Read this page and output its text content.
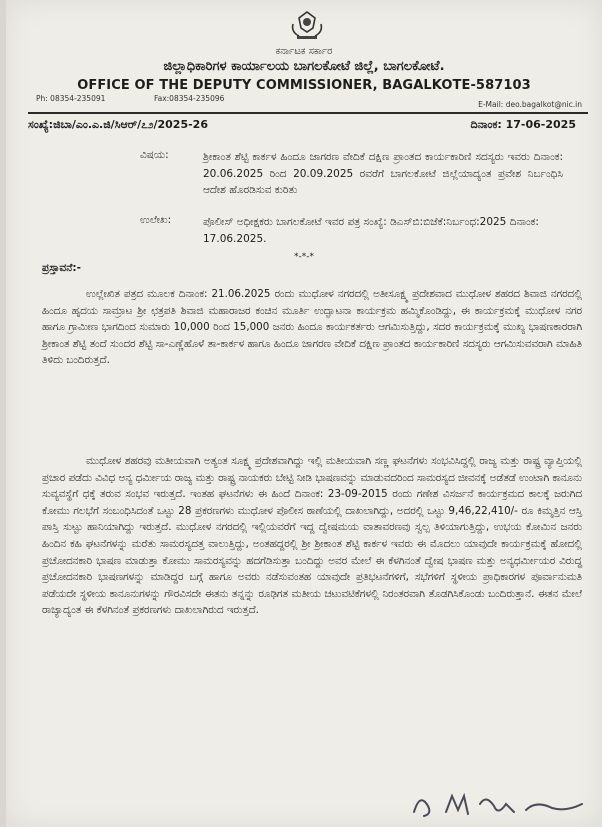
ಕರ್ನಾಟಕ ಸರ್ಕಾರ
ಜಿಲ್ಲಾಧಿಕಾರಿಗಳ ಕಾರ್ಯಾಲಯ ಬಾಗಲಕೋಟೆ ಜಿಲ್ಲೆ, ಬಾಗಲಕೋಟೆ.
OFFICE OF THE DEPUTY COMMISSIONER, BAGALKOTE-587103
Ph: 08354-235091	Fax:08354-235096
E-Mail: deo.bagalkot@nic.in
ಸಂಖ್ಯೆ:ಜಿಬಾ/ಎಂ.ಎ.ಜಿ/ಸಿಆರ್/೭೨/2025-26	ದಿನಾಂಕ: 17-06-2025
ವಿಷಯ:	ಶ್ರೀಕಾಂತ ಶೆಟ್ಟಿ ಕಾರ್ಕಳ ಹಿಂದೂ ಜಾಗರಣ ವೇದಿಕೆ ದಕ್ಷಿಣ ಪ್ರಾಂತದ ಕಾರ್ಯಕಾರಿಣಿ ಸದಸ್ಯರು ಇವರು ದಿನಾಂಕ: 20.06.2025 ರಿಂದ 20.09.2025 ರವರೆಗೆ ಬಾಗಲಕೋಟೆ ಜಿಲ್ಲೆಯಾದ್ಯಂತ ಪ್ರವೇಶ ನಿರ್ಬಂಧಿಸಿ ಆದೇಶ ಹೊರಡಿಸುವ ಕುರಿತು
ಉಲೇಖ:	ಪೊಲೀಸ್ ಅಧೀಕ್ಷಕರು ಬಾಗಲಕೋಟೆ ಇವರ ಪತ್ರ ಸಂಖ್ಯೆ: ಡಿಎಸ್‌ಬಿ:ಬಿಜೆಕೆ:ನಿರ್ಬಂಧ:2025 ದಿನಾಂಕ: 17.06.2025.
*-*-*
ಪ್ರಸ್ತಾವನೆ:-
ಉಲ್ಲೇಖಿತ ಪತ್ರದ ಮೂಲಕ ದಿನಾಂಕ: 21.06.2025 ರಂದು ಮುಧೋಳ ನಗರದಲ್ಲಿ ಅತೀಸೂಕ್ಷ್ಮ ಪ್ರದೇಶವಾದ ಮುಧೋಳ ಶಹರದ ಶಿವಾಜಿ ನಗರದಲ್ಲಿ ಹಿಂದೂ ಹೃದಯ ಸಾಮ್ರಾಟ ಶ್ರೀ ಛತ್ರಪತಿ ಶಿವಾಜಿ ಮಹಾರಾಜರ ಕಂಚಿನ ಮೂರ್ತಿ ಉದ್ಘಾಟನಾ ಕಾರ್ಯಕ್ರಮ ಹಮ್ಮಿಕೊಂಡಿದ್ದು, ಈ ಕಾರ್ಯಕ್ರಮಕ್ಕೆ ಮುಧೋಳ ನಗರ ಹಾಗೂ ಗ್ರಾಮೀಣ ಭಾಗದಿಂದ ಸುಮಾರು 10,000 ರಿಂದ 15,000 ಜನರು ಹಿಂದೂ ಕಾರ್ಯಕರ್ತರು ಆಗಮಿಸುತ್ತಿದ್ದು, ಸದರ ಕಾರ್ಯಕ್ರಮಕ್ಕೆ ಮುಖ್ಯ ಭಾಷಣಕಾರರಾಗಿ ಶ್ರೀಕಾಂತ ಶೆಟ್ಟಿ ತಂದೆ ಸುಂದರ ಶೆಟ್ಟಿ ಸಾ-ಎಣ್ಣೆಹೊಳೆ ತಾ-ಕಾರ್ಕಳ ಹಾಗೂ ಹಿಂದೂ ಜಾಗರಣ ವೇದಿಕೆ ದಕ್ಷಿಣ ಪ್ರಾಂತದ ಕಾರ್ಯಕಾರಿಣಿ ಸದಸ್ಯರು ಆಗಮಿಸುವವರಾಗಿ ಮಾಹಿತಿ ತಿಳಿದು ಬಂದಿರುತ್ತದೆ.
ಮುಧೋಳ ಶಹರವು ಮತೀಯವಾಗಿ ಅತ್ಯಂತ ಸೂಕ್ಷ್ಮ ಪ್ರದೇಶವಾಗಿದ್ದು ಇಲ್ಲಿ ಮತೀಯವಾಗಿ ಸಣ್ಣ ಘಟನೆಗಳು ಸಂಭವಿಸಿದ್ದಲ್ಲಿ ರಾಜ್ಯ ಮತ್ತು ರಾಷ್ಟ್ರ ವ್ಯಾಪ್ತಿಯಲ್ಲಿ ಪ್ರಚಾರ ಪಡೆದು ವಿವಿಧ ಅನ್ಯ ಧರ್ಮೀಯ ರಾಜ್ಯ ಮತ್ತು ರಾಷ್ಟ್ರ ನಾಯಕರು ಬೇಟ್ಟಿ ನೀಡಿ ಭಾಷಣವನ್ನು ಮಾಡುವದರಿಂದ ಸಾಮರಸ್ಯದ ಜೀವನಕ್ಕೆ ಅಡೆತಡೆ ಉಂಟಾಗಿ ಕಾನೂನು ಸುವ್ಯವಸ್ಥೆಗೆ ಧಕ್ಕೆ ತರುವ ಸಂಭವ ಇರುತ್ತದೆ. ಇಂತಹ ಘಟನೆಗಳು ಈ ಹಿಂದೆ ದಿನಾಂಕ: 23-09-2015 ರಂದು ಗಣೇಶ ವಿಸರ್ಜನೆ ಕಾರ್ಯಕ್ರಮದ ಕಾಲಕ್ಕೆ ಜರುಗಿದ ಕೋಮು ಗಲಭೆಗೆ ಸಂಬಂಧಿಸಿದಂತೆ ಒಟ್ಟು 28 ಪ್ರಕರಣಗಳು ಮುಧೋಳ ಪೊಲೀಸ ಠಾಣೆಯಲ್ಲಿ ದಾಖಲಾಗಿದ್ದು, ಅದರಲ್ಲಿ ಒಟ್ಟು 9,46,22,410/- ರೂ ಕಿಮ್ಮತ್ತಿನ ಆಸ್ತಿ ಪಾಸ್ತಿ ಸುಟ್ಟು ಹಾನಿಯಾಗಿದ್ದು ಇರುತ್ತದೆ. ಮುಧೋಳ ನಗರದಲ್ಲಿ ಇಲ್ಲಿಯವರೆಗೆ ಇದ್ದ ದ್ವೇಷಮಯ ವಾತಾವರಣವು ಸ್ವಲ್ಪ ತಿಳಿಯಾಗುತ್ತಿದ್ದು, ಉಭಯ ಕೋಮಿನ ಜನರು ಹಿಂದಿನ ಕಹಿ ಘಟನೆಗಳನ್ನು ಮರೆತು ಸಾಮರಸ್ಯದತ್ತ ವಾಲುತ್ತಿದ್ದು, ಅಂತಹದ್ದರಲ್ಲಿ ಶ್ರೀ ಶ್ರೀಕಾಂತ ಶೆಟ್ಟಿ ಕಾರ್ಕಳ ಇವರು ಈ ಮೊದಲು ಯಾವುದೇ ಕಾರ್ಯಕ್ರಮಕ್ಕೆ ಹೋದಲ್ಲಿ ಪ್ರಚೋದನಕಾರಿ ಭಾಷಣ ಮಾಡುತ್ತಾ ಕೋಮು ಸಾಮರಸ್ಯವನ್ನು ಹದಗೆಡಿಸುತ್ತಾ ಬಂದಿದ್ದು ಅವರ ಮೇಲೆ ಈ ಕೆಳಗಿನಂತೆ ದ್ವೇಷ ಭಾಷಣ ಮತ್ತು ಅನ್ಯಧರ್ಮೀಯರ ವಿರುದ್ಧ ಪ್ರಚೋದನಕಾರಿ ಭಾಷಣಗಳನ್ನು ಮಾಡಿದ್ದರ ಬಗ್ಗೆ ಹಾಗೂ ಅವರು ನಡೆಸುವಂತಹ ಯಾವುದೇ ಪ್ರತಿಭಟನೆಗಳಿಗೆ, ಸಭೆಗಳಿಗೆ ಸ್ಥಳೀಯ ಪ್ರಾಧಿಕಾರಗಳ ಪೂರ್ವಾನುಮತಿ ಪಡೆಯದೇ ಸ್ಥಳೀಯ ಕಾನೂನುಗಳನ್ನು ಗೌರವಿಸದೇ ಈತನು ತನ್ನನ್ನು ರೂಢಿಗತ ಮತೀಯ ಚಟುವಟಿಕೆಗಳಲ್ಲಿ ನಿರಂತರವಾಗಿ ತೊಡಗಿಸಿಕೊಂಡು ಬಂದಿರುತ್ತಾನೆ. ಈತನ ಮೇಲೆ ರಾಜ್ಯಾದ್ಯಂತ ಈ ಕೆಳಗಿನಂತೆ ಪ್ರಕರಣಗಳು ದಾಖಲಾಗಿರುದ ಇರುತ್ತದೆ.
